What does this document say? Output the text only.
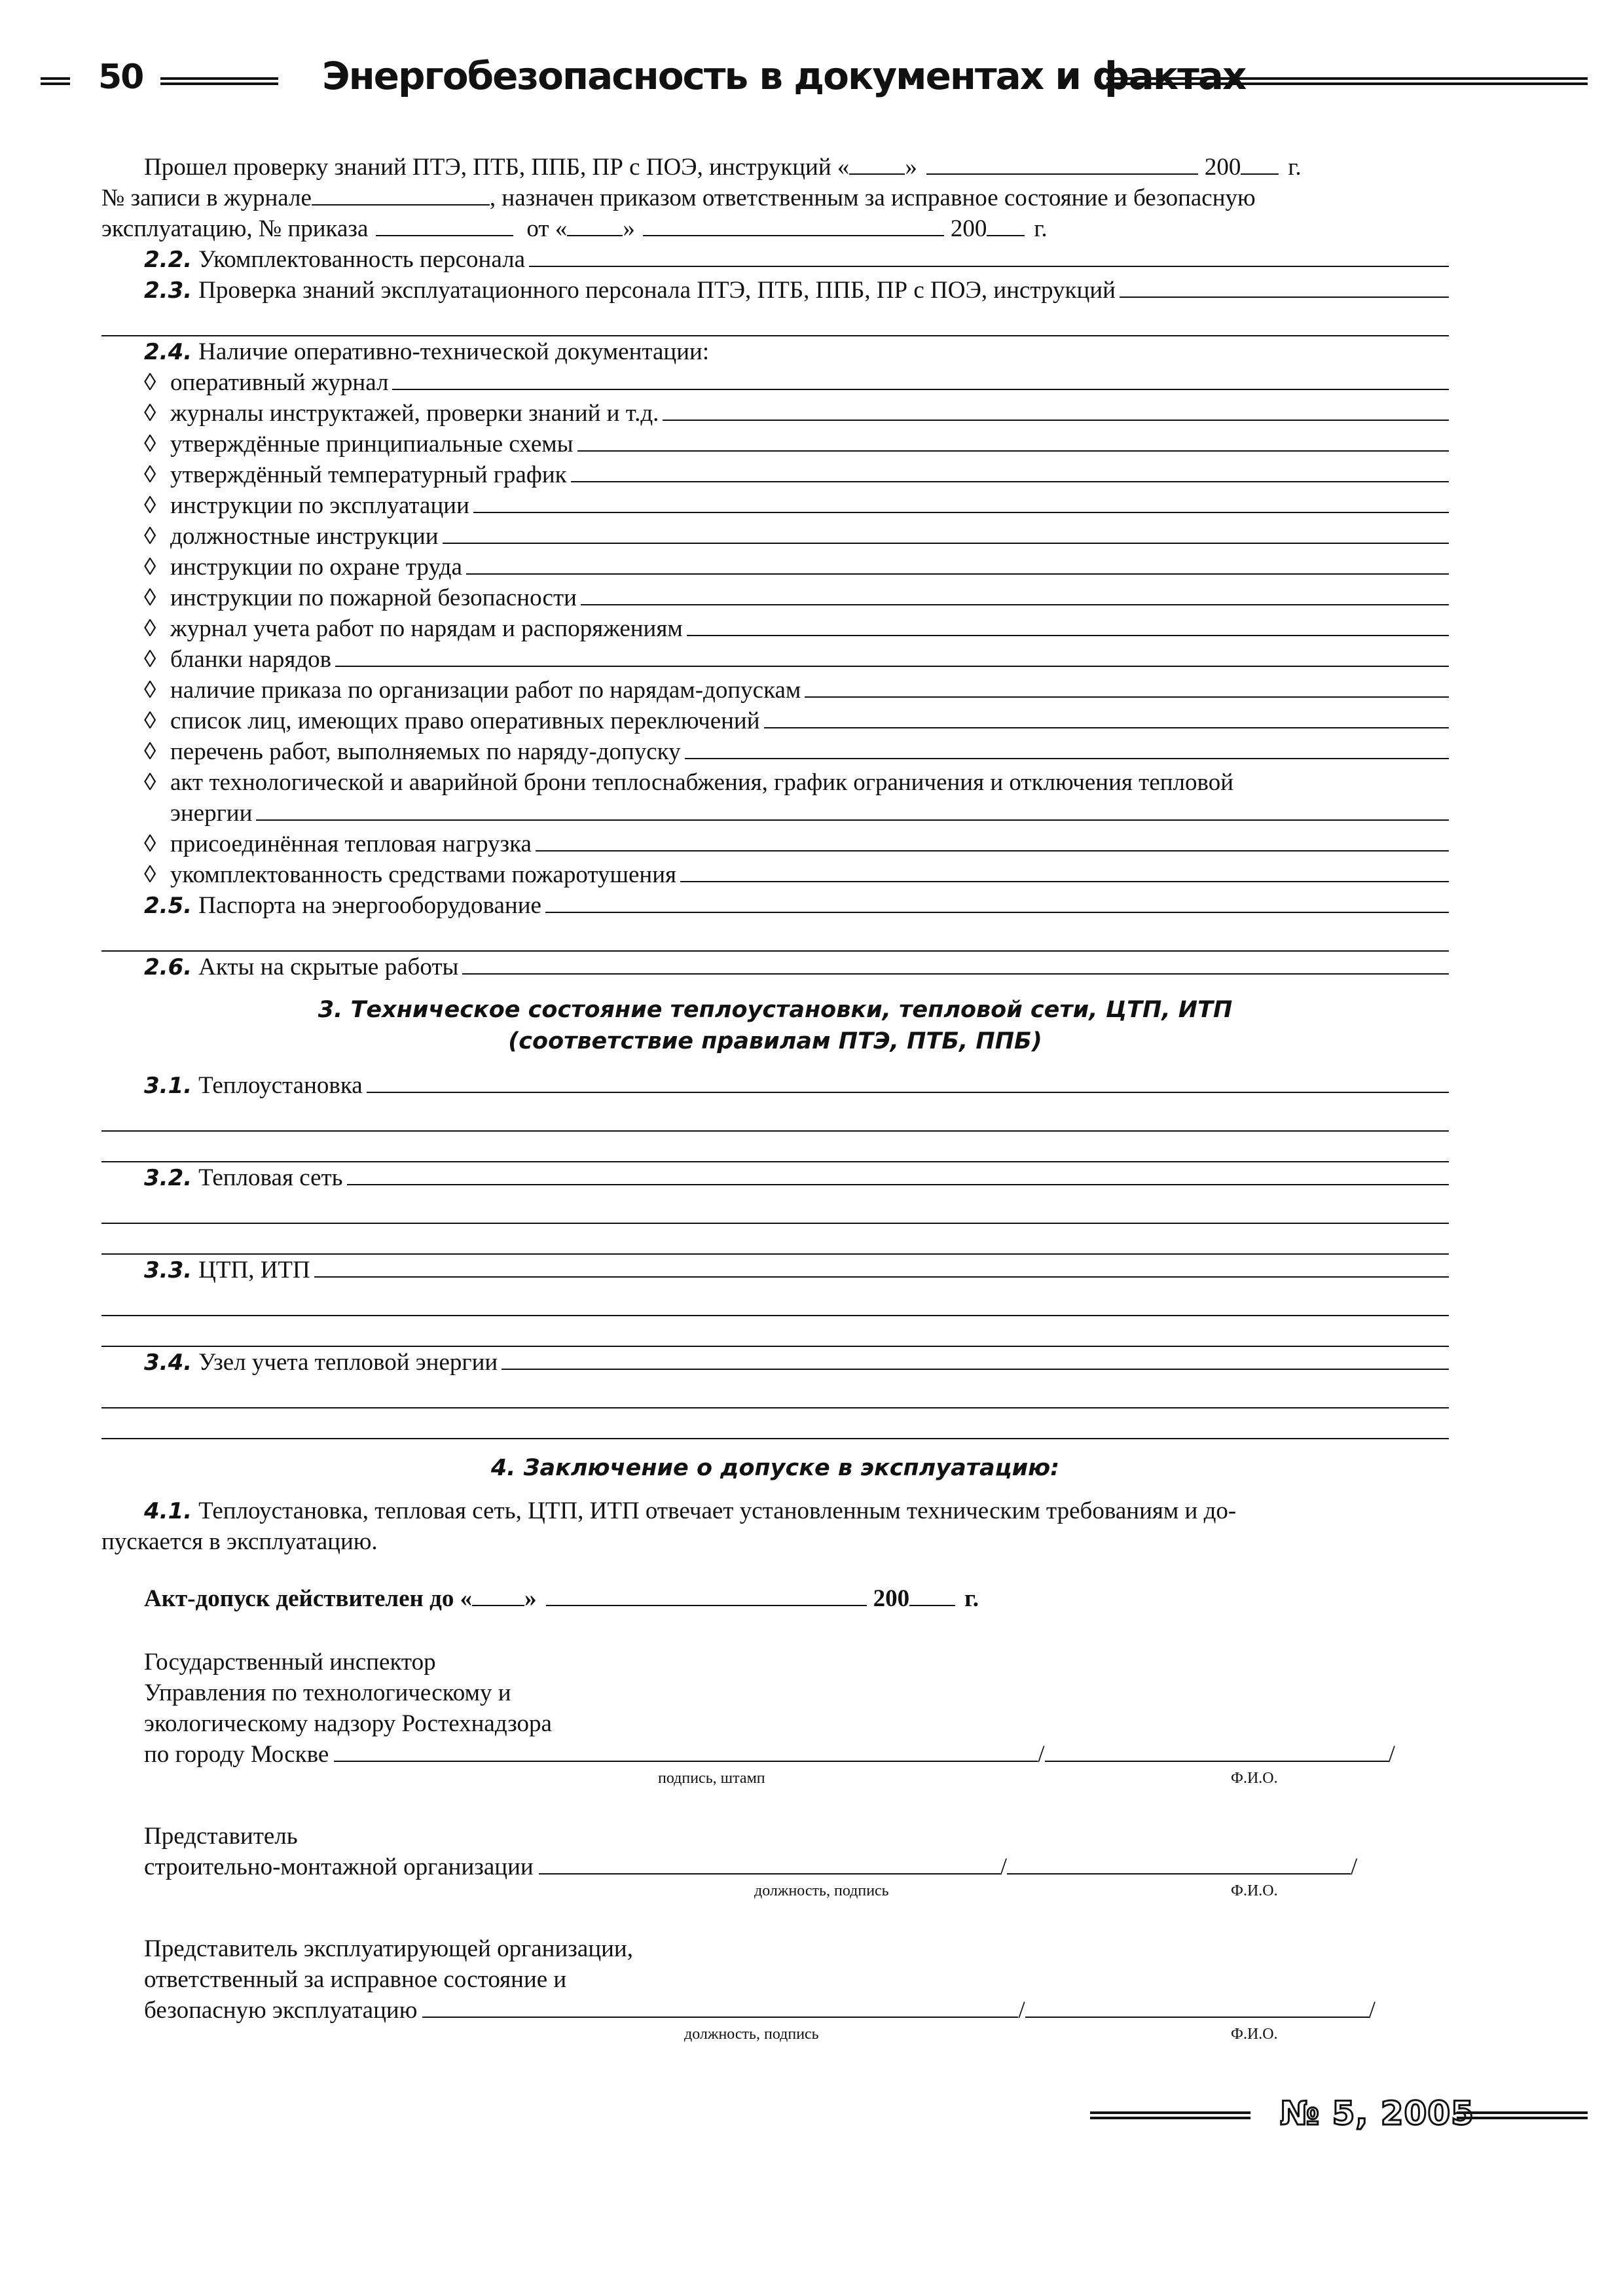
50	Энергобезопасность в документах и фактах
Прошел проверку знаний ПТЭ, ПТБ, ППБ, ПР с ПОЭ, инструкций « »	200 г.
№ записи в журнале	, назначен приказом ответственным за исправное состояние и безопасную
эксплуатацию, № приказа	от « »	200 г.
2.2. Укомплектованность персонала
2.3. Проверка знаний эксплуатационного персонала ПТЭ, ПТБ, ППБ, ПР с ПОЭ, инструкций
2.4. Наличие оперативно-технической документации:
◊ оперативный журнал
◊ журналы инструктажей, проверки знаний и т.д.
◊ утверждённые принципиальные схемы
◊ утверждённый температурный график
◊ инструкции по эксплуатации
◊ должностные инструкции
◊ инструкции по охране труда
◊ инструкции по пожарной безопасности
◊ журнал учета работ по нарядам и распоряжениям
◊ бланки нарядов
◊ наличие приказа по организации работ по нарядам-допускам
◊ список лиц, имеющих право оперативных переключений
◊ перечень работ, выполняемых по наряду-допуску
◊ акт технологической и аварийной брони теплоснабжения, график ограничения и отключения тепловой
энергии
◊ присоединённая тепловая нагрузка
◊ укомплектованность средствами пожаротушения
2.5. Паспорта на энергооборудование
2.6. Акты на скрытые работы
3. Техническое состояние теплоустановки, тепловой сети, ЦТП, ИТП
(соответствие правилам ПТЭ, ПТБ, ППБ)
3.1. Теплоустановка
3.2. Тепловая сеть
3.3. ЦТП, ИТП
3.4. Узел учета тепловой энергии
4. Заключение о допуске в эксплуатацию:
4.1. Теплоустановка, тепловая сеть, ЦТП, ИТП отвечает установленным техническим требованиям и до-
пускается в эксплуатацию.
Акт-допуск действителен до « »	200 г.
Государственный инспектор
Управления по технологическому и
экологическому надзору Ростехнадзора
по городу Москве	/	/
подпись, штамп	Ф.И.О.
Представитель
строительно-монтажной организации	/	/
должность, подпись	Ф.И.О.
Представитель эксплуатирующей организации,
ответственный за исправное состояние и
безопасную эксплуатацию	/	/
должность, подпись	Ф.И.О.
№ 5, 2005
